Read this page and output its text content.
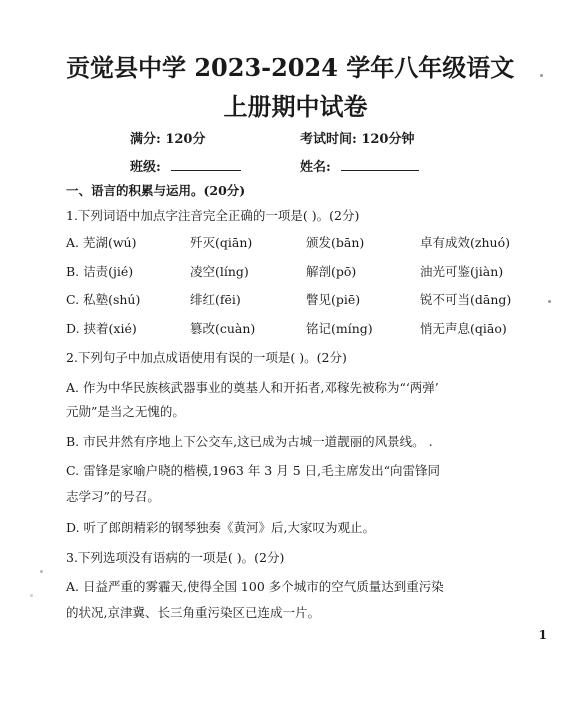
贡觉县中学 2023-2024 学年八年级语文
上册期中试卷
满分: 120分	考试时间: 120分钟
班级:	姓名:
一、语言的积累与运用。(20分)
1.下列词语中加点字注音完全正确的一项是( )。(2分)
A. 芜湖(wú)	歼灭(qiān)	颁发(bān)	卓有成效(zhuó)
B. 诘责(jié)	凌空(líng)	解剖(pō)	油光可鉴(jiàn)
C. 私塾(shú)	绯红(fēi)	瞥见(piē)	锐不可当(dāng)
D. 挟着(xié)	篡改(cuàn)	铭记(míng)	悄无声息(qiāo)
2.下列句子中加点成语使用有误的一项是( )。(2分)
A. 作为中华民族核武器事业的奠基人和开拓者,邓稼先被称为“‘两弹’
元勋”是当之无愧的。
B. 市民井然有序地上下公交车,这已成为古城一道靓丽的风景线。 .
C. 雷锋是家喻户晓的楷模,1963 年 3 月 5 日,毛主席发出“向雷锋同
志学习”的号召。
D. 听了郎朗精彩的钢琴独奏《黄河》后,大家叹为观止。
3.下列选项没有语病的一项是( )。(2分)
A. 日益严重的雾霾天,使得全国 100 多个城市的空气质量达到重污染
的状况,京津冀、长三角重污染区已连成一片。
1
